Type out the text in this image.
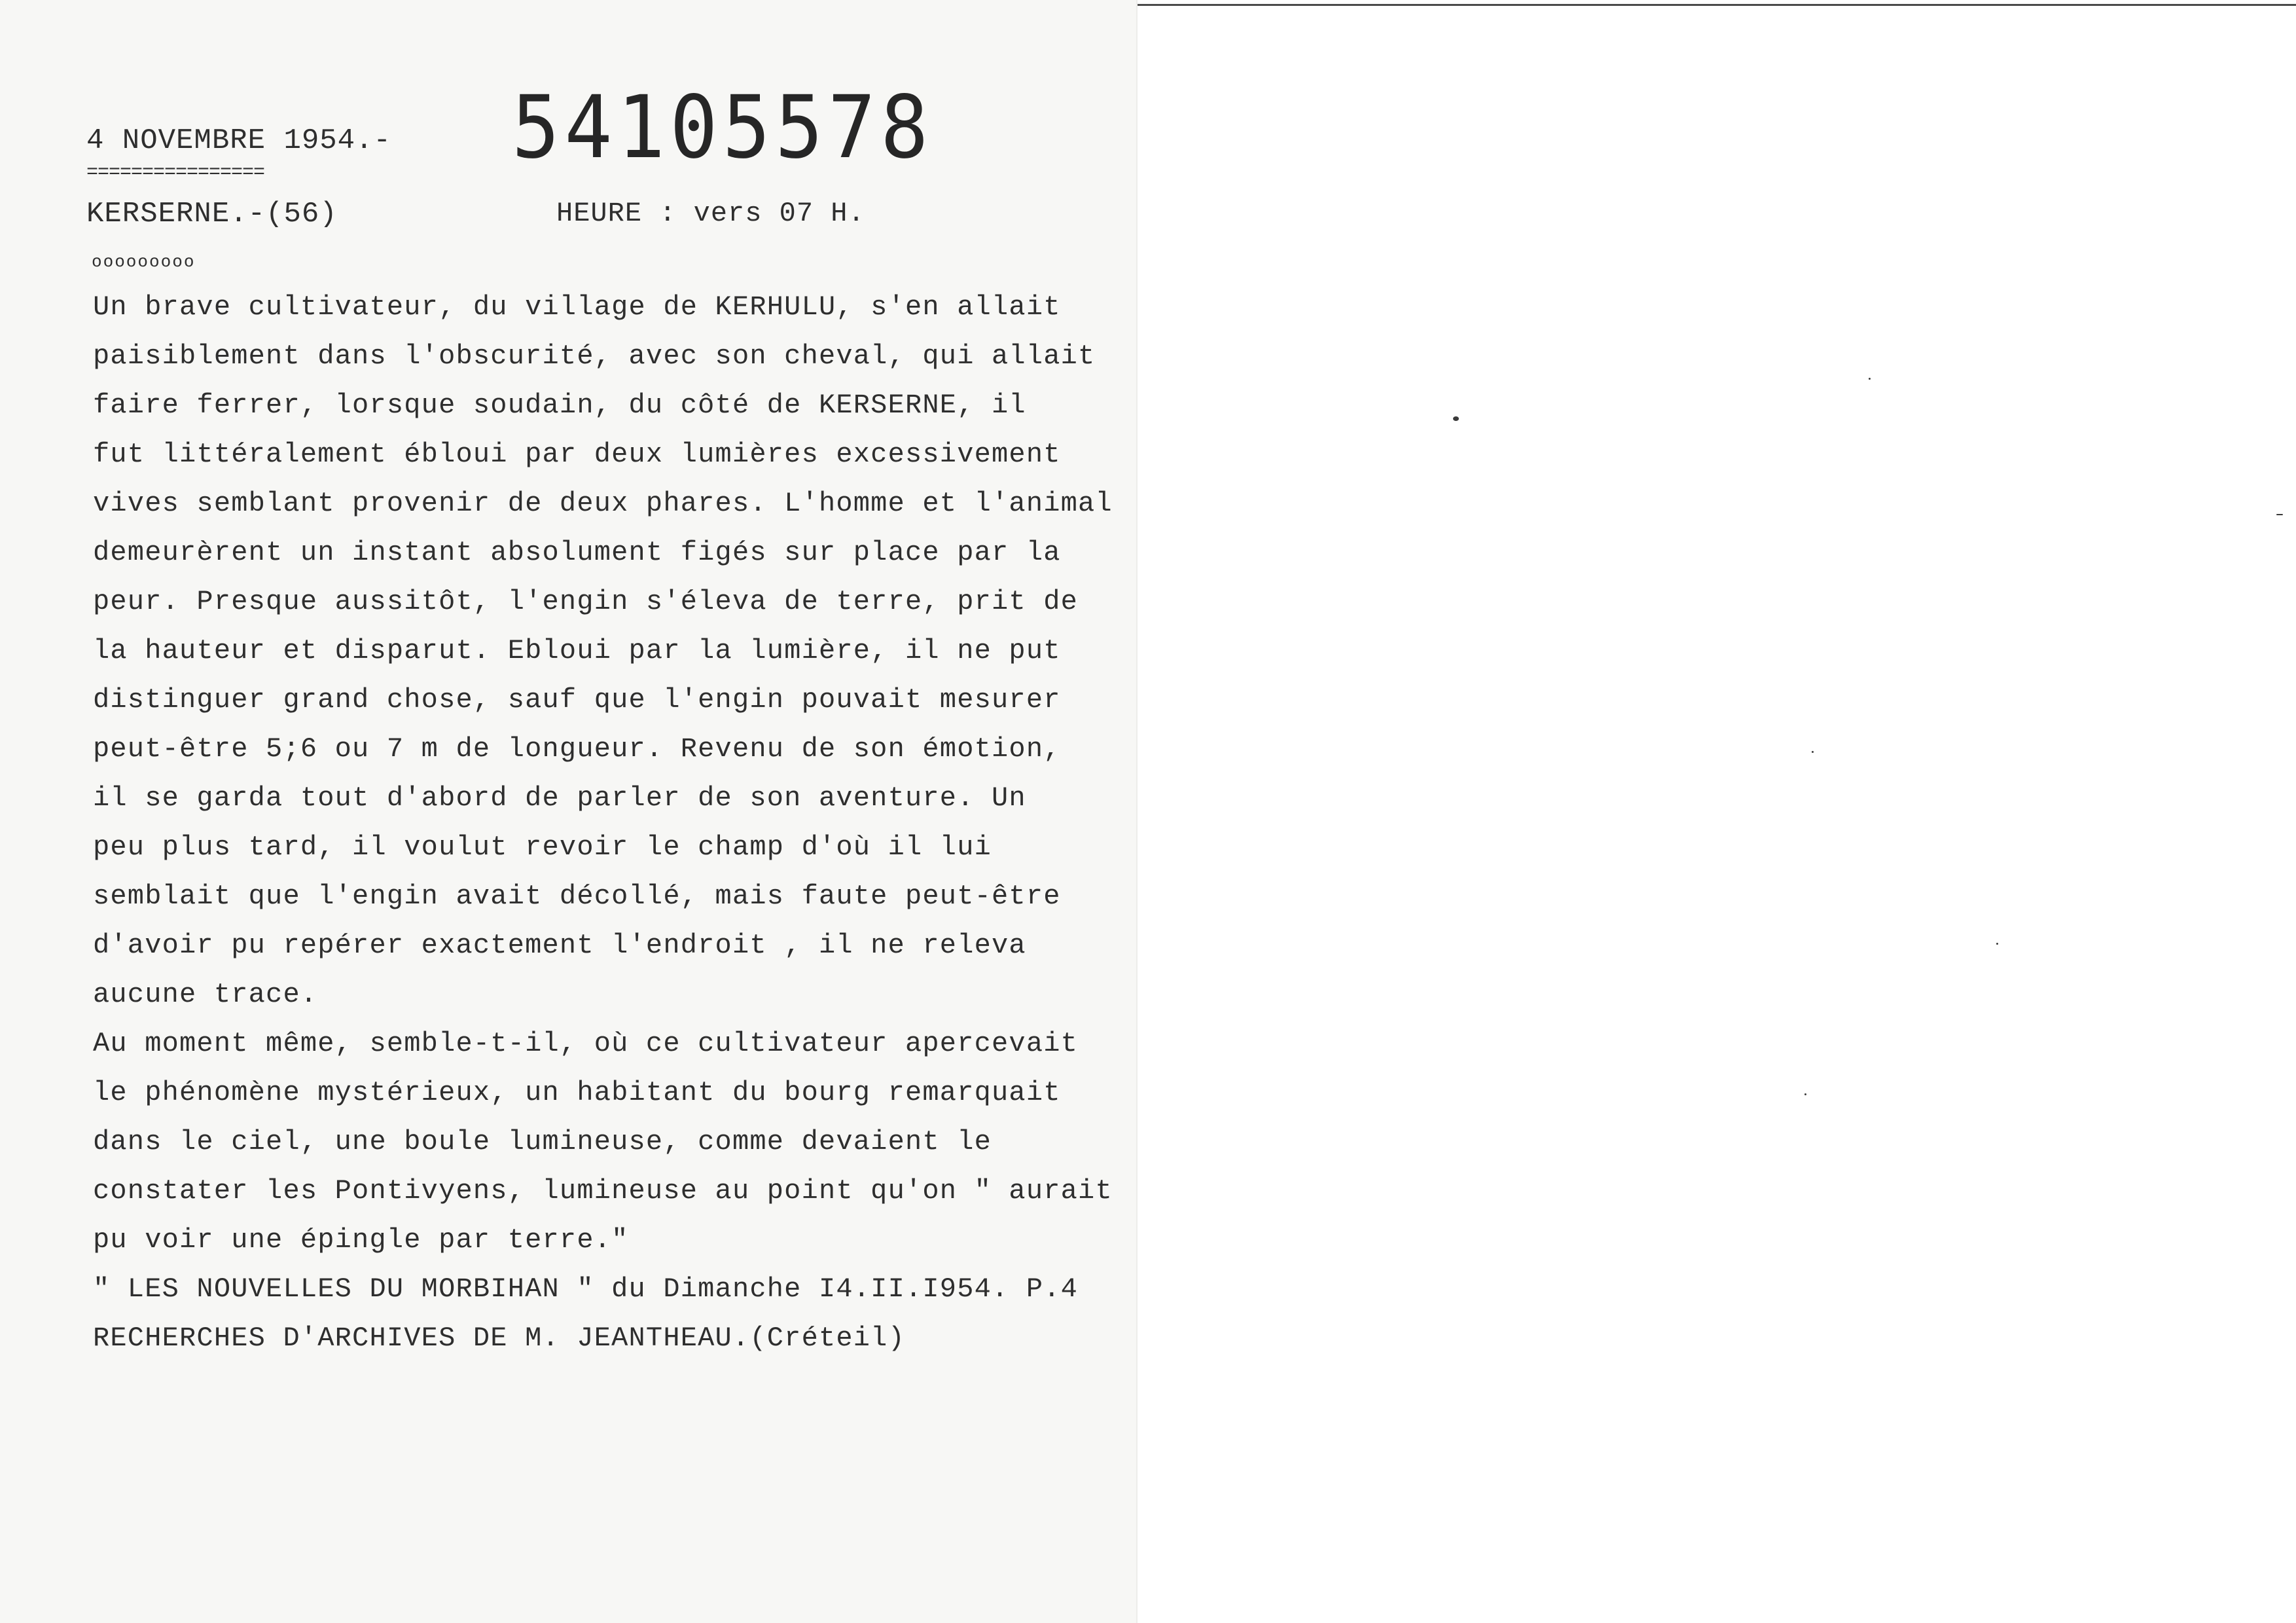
4 NOVEMBRE 1954.-
================
KERSERNE.-(56)
ooooooooo
54105578
HEURE : vers 07 H.
Un brave cultivateur, du village de KERHULU, s'en allait
paisiblement dans l'obscurité, avec son cheval, qui allait
faire ferrer, lorsque soudain, du côté de KERSERNE, il
fut littéralement ébloui par deux lumières excessivement
vives semblant provenir de deux phares. L'homme et l'animal
demeurèrent un instant absolument figés sur place par la
peur. Presque aussitôt, l'engin s'éleva de terre, prit de
la hauteur et disparut. Ebloui par la lumière, il ne put
distinguer grand chose, sauf que l'engin pouvait mesurer
peut-être 5;6 ou 7 m de longueur. Revenu de son émotion,
il se garda tout d'abord de parler de son aventure. Un
peu plus tard, il voulut revoir le champ d'où il lui
semblait que l'engin avait décollé, mais faute peut-être
d'avoir pu repérer exactement l'endroit , il ne releva
aucune trace.
Au moment même, semble-t-il, où ce cultivateur apercevait
le phénomène mystérieux, un habitant du bourg remarquait
dans le ciel, une boule lumineuse, comme devaient le
constater les Pontivyens, lumineuse au point qu'on " aurait
pu voir une épingle par terre."
" LES NOUVELLES DU MORBIHAN " du Dimanche I4.II.I954. P.4
RECHERCHES D'ARCHIVES DE M. JEANTHEAU.(Créteil)
